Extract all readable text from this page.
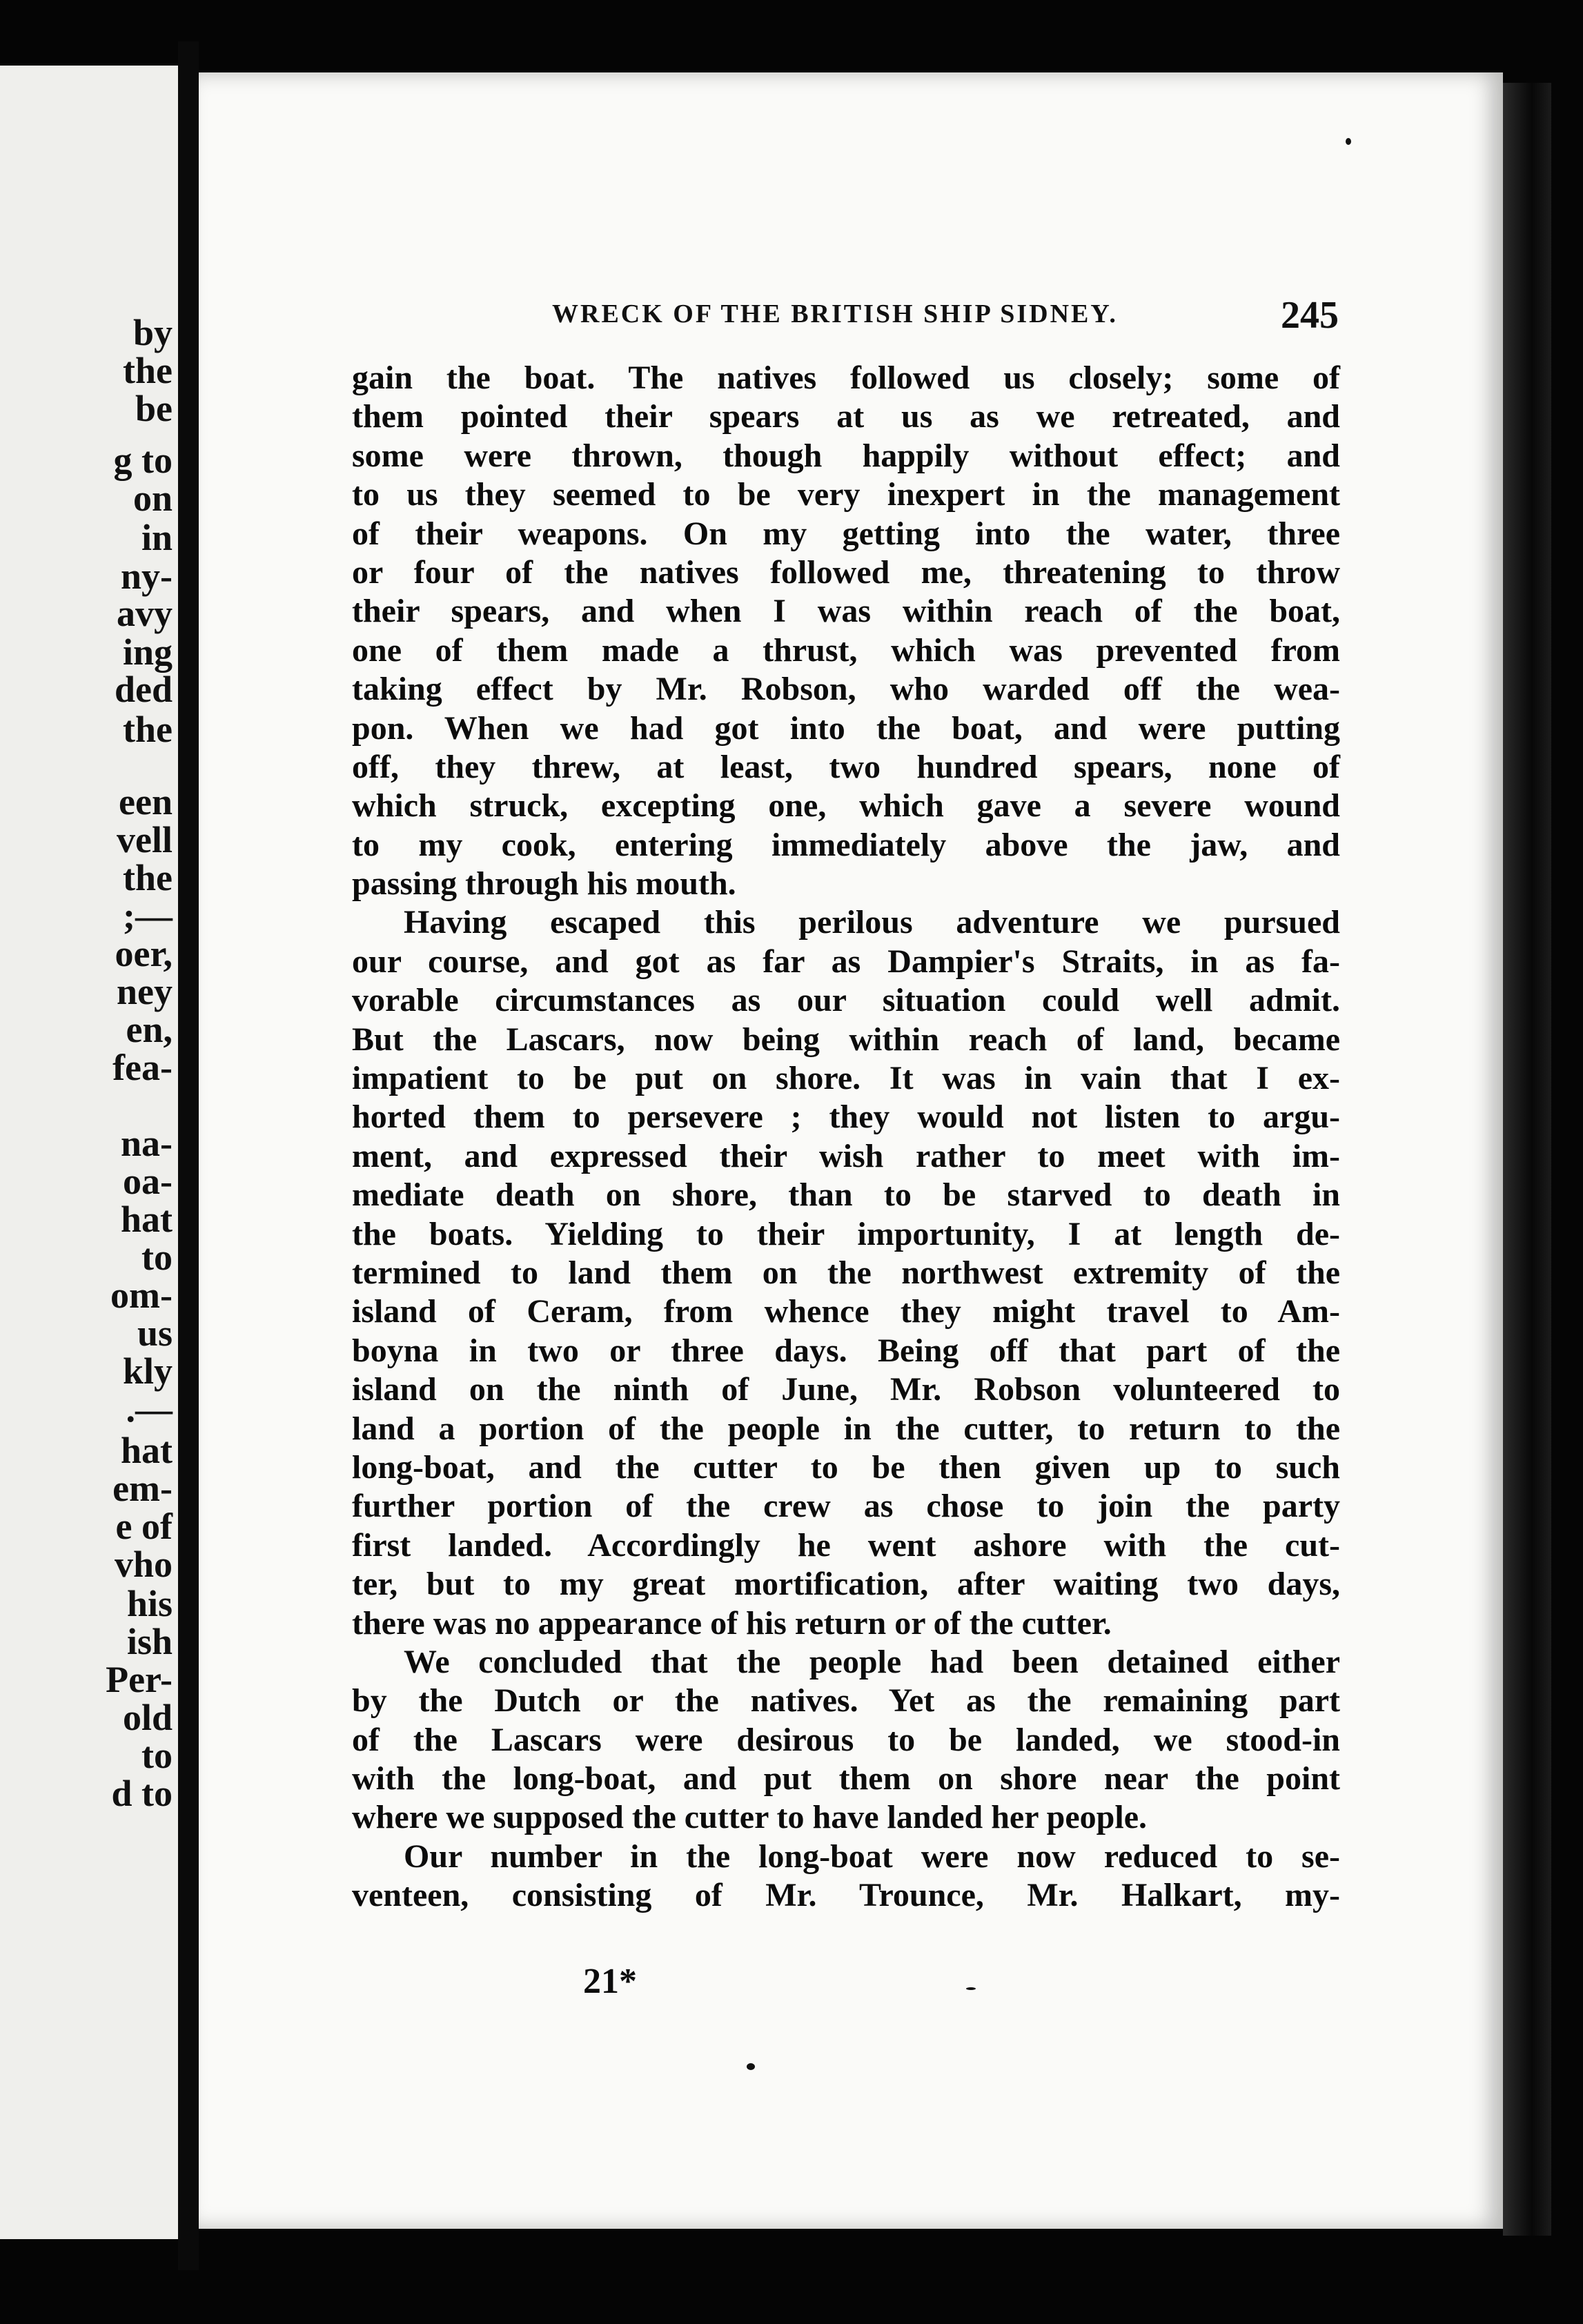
by
the
be
g to
on
in
ny-
avy
ing
ded
the
een
vell
the
;—
oer,
ney
en,
fea-
na-
oa-
hat
to
om-
us
kly
.—
hat
em-
e of
vho
his
ish
Per-
old
to
d to
WRECK OF THE BRITISH SHIP SIDNEY.	245
gain the boat. The natives followed us closely; some of
them pointed their spears at us as we retreated, and
some were thrown, though happily without effect; and
to us they seemed to be very inexpert in the management
of their weapons. On my getting into the water, three
or four of the natives followed me, threatening to throw
their spears, and when I was within reach of the boat,
one of them made a thrust, which was prevented from
taking effect by Mr. Robson, who warded off the wea-
pon. When we had got into the boat, and were putting
off, they threw, at least, two hundred spears, none of
which struck, excepting one, which gave a severe wound
to my cook, entering immediately above the jaw, and
passing through his mouth.
Having escaped this perilous adventure we pursued
our course, and got as far as Dampier's Straits, in as fa-
vorable circumstances as our situation could well admit.
But the Lascars, now being within reach of land, became
impatient to be put on shore. It was in vain that I ex-
horted them to persevere ; they would not listen to argu-
ment, and expressed their wish rather to meet with im-
mediate death on shore, than to be starved to death in
the boats. Yielding to their importunity, I at length de-
termined to land them on the northwest extremity of the
island of Ceram, from whence they might travel to Am-
boyna in two or three days. Being off that part of the
island on the ninth of June, Mr. Robson volunteered to
land a portion of the people in the cutter, to return to the
long-boat, and the cutter to be then given up to such
further portion of the crew as chose to join the party
first landed. Accordingly he went ashore with the cut-
ter, but to my great mortification, after waiting two days,
there was no appearance of his return or of the cutter.
We concluded that the people had been detained either
by the Dutch or the natives. Yet as the remaining part
of the Lascars were desirous to be landed, we stood-in
with the long-boat, and put them on shore near the point
where we supposed the cutter to have landed her people.
Our number in the long-boat were now reduced to se-
venteen, consisting of Mr. Trounce, Mr. Halkart, my-
21*
